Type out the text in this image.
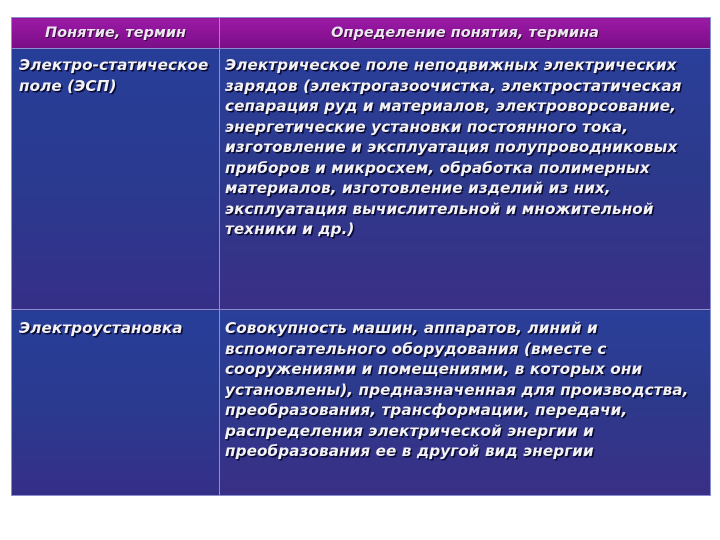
Понятие, термин	Определение понятия, термина

Электро-статическое поле (ЭСП)	Электрическое поле неподвижных электрических зарядов (электрогазоочистка, электростатическая сепарация руд и материалов, электроворсование, энергетические установки постоянного тока, изготовление и эксплуатация полупроводниковых приборов и микросхем, обработка полимерных материалов, изготовление изделий из них, эксплуатация вычислительной и множительной техники и др.)

Электроустановка	Совокупность машин, аппаратов, линий и вспомогательного оборудования (вместе с сооружениями и помещениями, в которых они установлены), предназначенная для производства, преобразования, трансформации, передачи, распределения электрической энергии и преобразования ее в другой вид энергии
